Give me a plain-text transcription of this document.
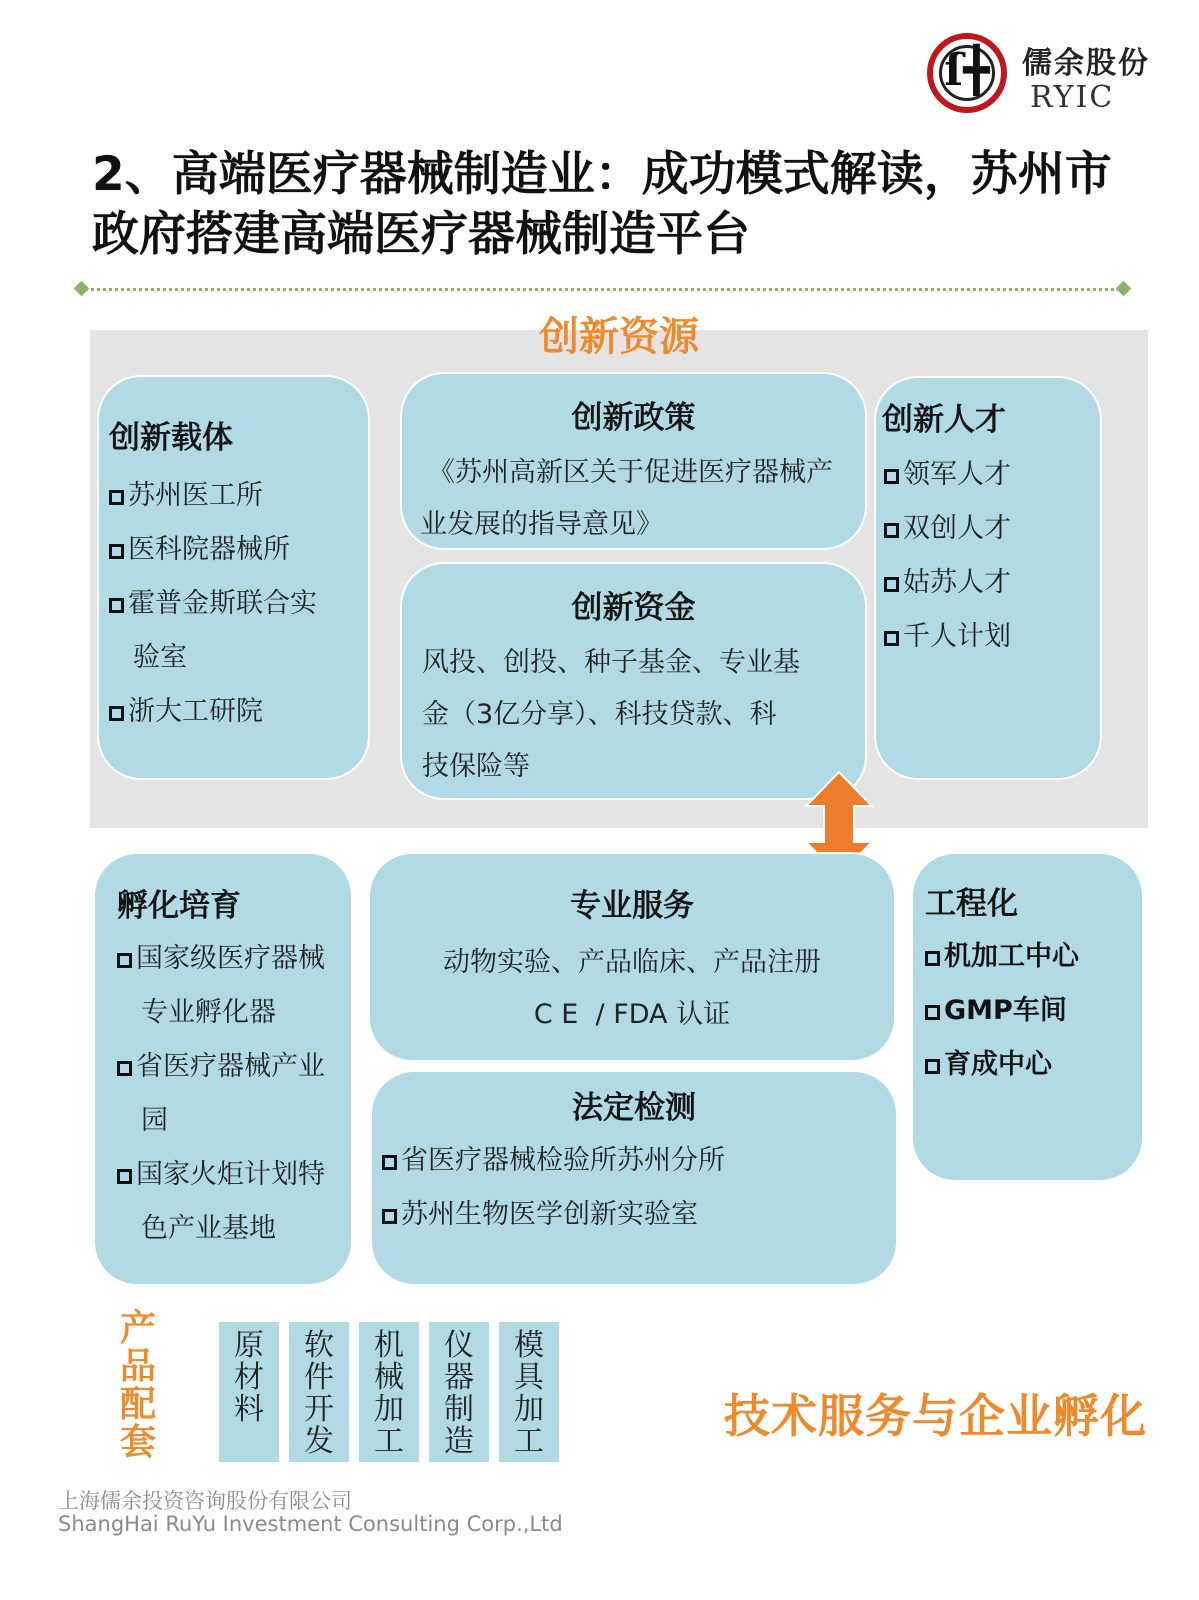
ſ╋	儒余股份
RYIC
2、高端医疗器械制造业：成功模式解读，苏州市政府搭建高端医疗器械制造平台
创新资源
创新载体
苏州医工所
医科院器械所
霍普金斯联合实
验室
浙大工研院
创新政策
《苏州高新区关于促进医疗器械产
业发展的指导意见》
创新资金
风投、创投、种子基金、专业基
金（3亿分享）、科技贷款、科
技保险等
创新人才
领军人才
双创人才
姑苏人才
千人计划
孵化培育
国家级医疗器械
专业孵化器
省医疗器械产业
园
国家火炬计划特
色产业基地
专业服务
动物实验、产品临床、产品注册
C E  / FDA 认证
法定检测
省医疗器械检验所苏州分所
苏州生物医学创新实验室
工程化
机加工中心
GMP车间
育成中心
产品配套
原材料
软件开发
机械加工
仪器制造
模具加工	技术服务与企业孵化
上海儒余投资咨询股份有限公司
ShangHai RuYu Investment Consulting Corp.,Ltd
